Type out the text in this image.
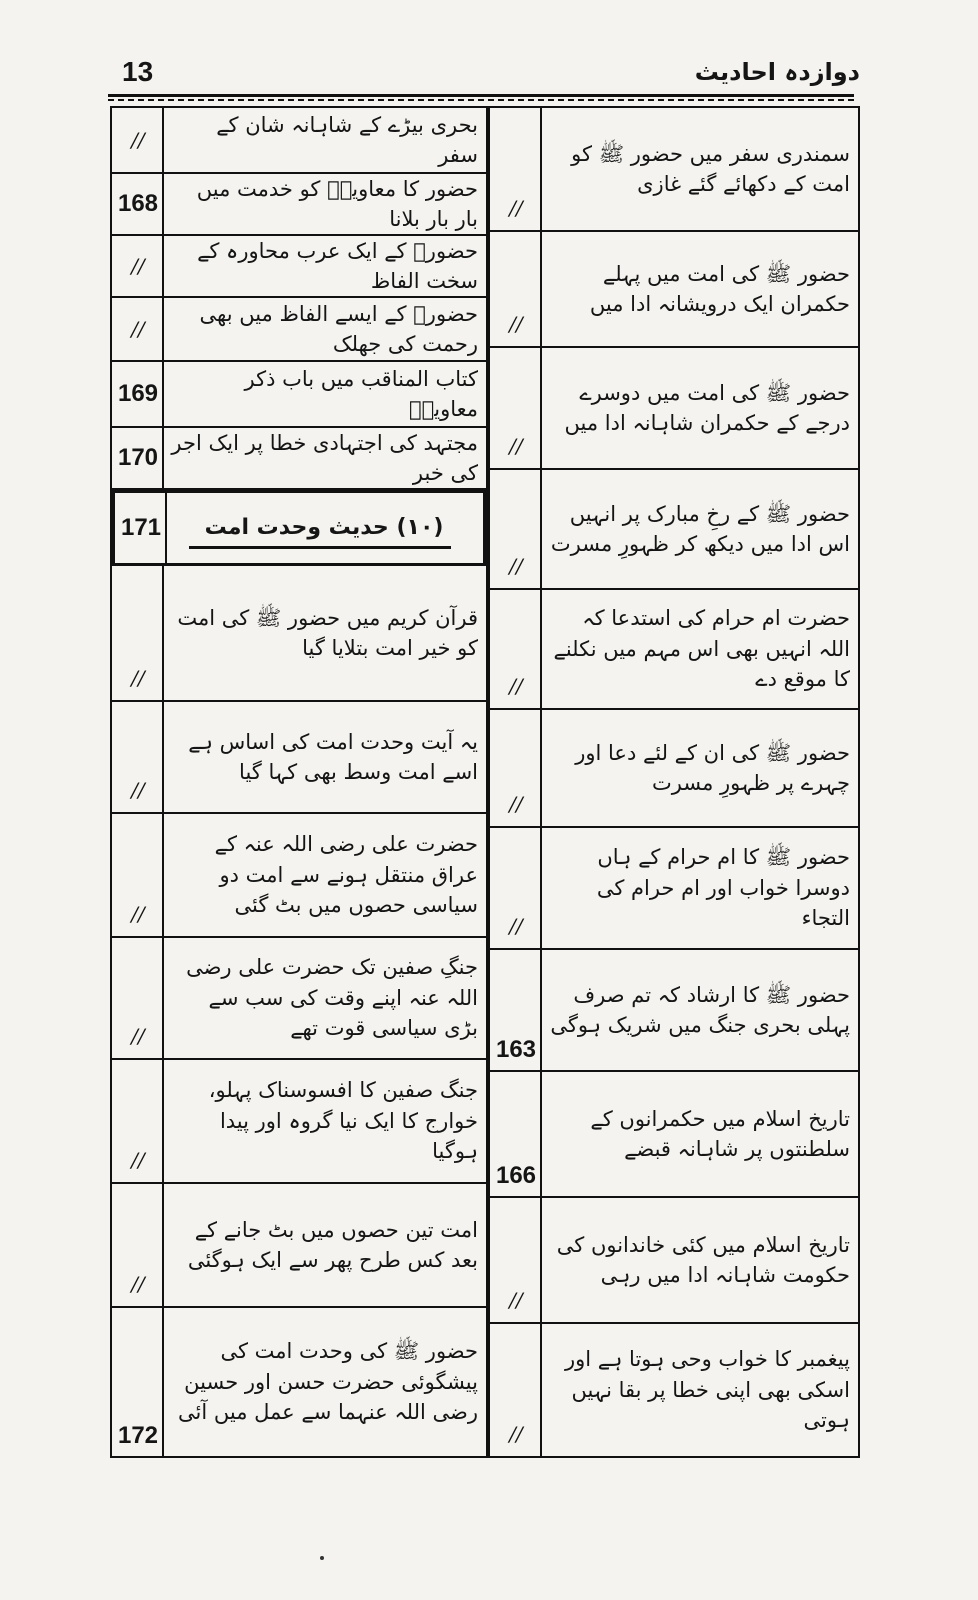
13	دوازدہ احادیث
//
سمندری سفر میں حضور ﷺ کو امت کے دکھائے گئے غازی
//
حضور ﷺ کی امت میں پہلے حکمران ایک درویشانہ ادا میں
//
حضور ﷺ کی امت میں دوسرے درجے کے حکمران شاہانہ ادا میں
//
حضور ﷺ کے رخِ مبارک پر انہیں اس ادا میں دیکھ کر ظہورِ مسرت
//
حضرت ام حرام کی استدعا کہ اللہ انہیں بھی اس مہم میں نکلنے کا موقع دے
//
حضور ﷺ کی ان کے لئے دعا اور چہرے پر ظہورِ مسرت
//
حضور ﷺ کا ام حرام کے ہاں دوسرا خواب اور ام حرام کی التجاء
163
حضور ﷺ کا ارشاد کہ تم صرف پہلی بحری جنگ میں شریک ہوگی
166
تاریخ اسلام میں حکمرانوں کے سلطنتوں پر شاہانہ قبضے
//
تاریخ اسلام میں کئی خاندانوں کی حکومت شاہانہ ادا میں رہی
//
پیغمبر کا خواب وحی ہوتا ہے اور اسکی بھی اپنی خطا پر بقا نہیں ہوتی
//
بحری بیڑے کے شاہانہ شان کے سفر
168
حضور کا معاویہؓ کو خدمت میں بار بار بلانا
//
حضورؐ کے ایک عرب محاورہ کے سخت الفاظ
//
حضورؐ کے ایسے الفاظ میں بھی رحمت کی جھلک
169
کتاب المناقب میں باب ذکر معاویہؓ
170
مجتہد کی اجتہادی خطا پر ایک اجر کی خبر
171	(۱۰) حدیث وحدت امت
//
قرآن کریم میں حضور ﷺ کی امت کو خیر امت بتلایا گیا
//
یہ آیت وحدت امت کی اساس ہے اسے امت وسط بھی کہا گیا
//
حضرت علی رضی اللہ عنہ کے عراق منتقل ہونے سے امت دو سیاسی حصوں میں بٹ گئی
//
جنگِ صفین تک حضرت علی رضی اللہ عنہ اپنے وقت کی سب سے بڑی سیاسی قوت تھے
//
جنگ صفین کا افسوسناک پہلو، خوارج کا ایک نیا گروہ اور پیدا ہوگیا
//
امت تین حصوں میں بٹ جانے کے بعد کس طرح پھر سے ایک ہوگئی
172
حضور ﷺ کی وحدت امت کی پیشگوئی حضرت حسن اور حسین رضی اللہ عنہما سے عمل میں آئی
